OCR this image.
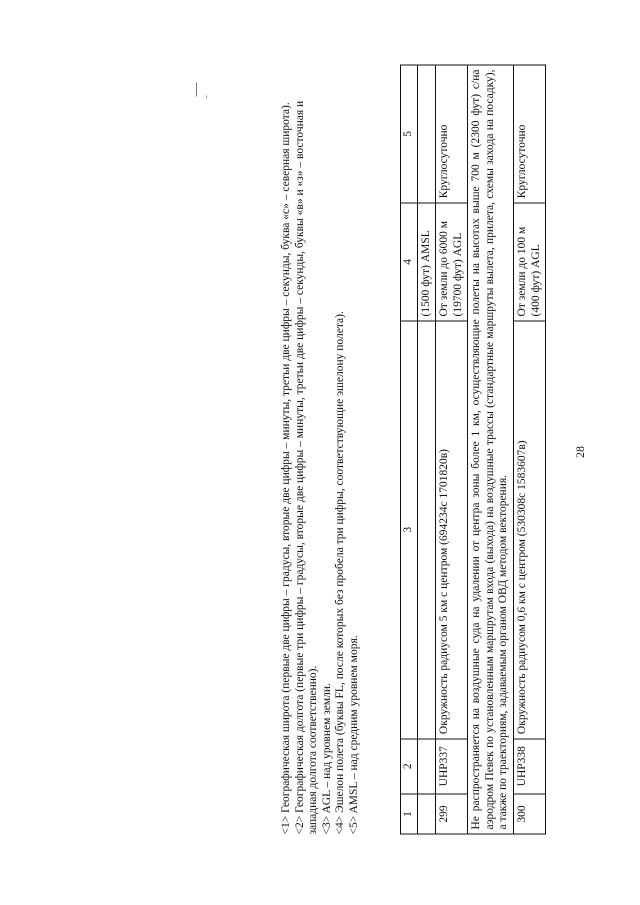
28

1	2	3	4	5
			(1500 фут) AMSL	
299	UHP337	Окружность радиусом 5 км с центром (694234с 1701820в)	От земли до 6000 м (19700 фут) AGL	Круглосуточно
Не распространяется на воздушные суда на удалении от центра зоны более 1 км, осуществляющие полеты на высотах выше 700 м (2300 фут) с/на аэродром Певек по установленным маршрутам входа (выхода) на воздушные трассы (стандартные маршруты вылета, прилета, схемы захода на посадку), а также по траекториям, задаваемым органом ОВД методом векторения.				
300	UHP338	Окружность радиусом 0,6 км с центром (530308с 1583607в)	От земли до 100 м (400 фут) AGL	Круглосуточно

<1> Географическая широта (первые две цифры – градусы, вторые две цифры – минуты, третьи две цифры – секунды, буква «с» – северная широта). <2> Географическая долгота (первые три цифры – градусы, вторые две цифры – минуты, третьи две цифры – секунды, буквы «в» и «з» – восточная и западная долгота соответственно). <3> AGL – над уровнем земли. <4> Эшелон полета (буквы FL, после которых без пробела три цифры, соответствующие эшелону полета). <5> AMSL – над средним уровнем моря.
